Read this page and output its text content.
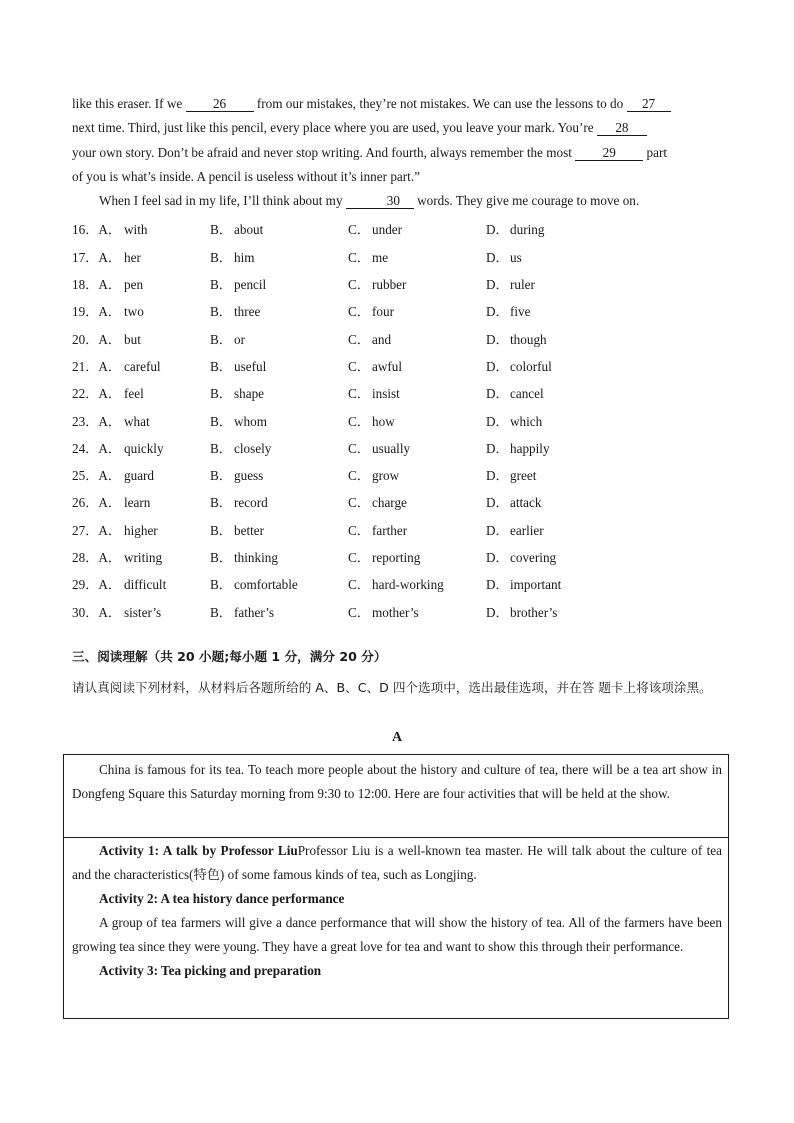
like this eraser. If we 26 from our mistakes, they’re not mistakes. We can use the lessons to do 27

next time. Third, just like this pencil, every place where you are used, you leave your mark. You’re 28

your own story. Don’t be afraid and never stop writing. And fourth, always remember the most 29 part

of you is what’s inside. A pencil is useless without it’s inner part.”

When I feel sad in my life, I’ll think about my	30 words. They give me courage to move on.

16．A． with	B． about	C． under	D． during
17．A． her	B． him	C． me	D． us
18．A． pen	B． pencil	C． rubber	D． ruler
19．A． two	B． three	C． four	D． five
20．A． but	B． or	C． and	D． though
21．A． careful	B． useful	C． awful	D． colorful
22．A． feel	B． shape	C． insist	D． cancel
23．A． what	B． whom	C． how	D． which
24．A． quickly	B． closely	C． usually	D． happily
25．A． guard	B． guess	C． grow	D． greet
26．A． learn	B． record	C． charge	D． attack
27．A． higher	B． better	C． farther	D． earlier
28．A． writing	B． thinking	C． reporting	D． covering
29．A． difficult	B． comfortable	C． hard-working	D． important
30．A． sister’s	B． father’s	C． mother’s	D． brother’s
三、阅读理解（共 20 小题;每小题 1 分，满分 20 分）

请认真阅读下列材料，从材料后各题所给的 A、B、C、D 四个选项中，选出最佳选项，并在答 题卡上将该项涂黑。

A

China is famous for its tea. To teach more people about the history and culture of tea, there will be a tea art show in Dongfeng Square this Saturday morning from 9:30 to 12:00. Here are four activities that will be held at the show.

Activity 1: A talk by Professor LiuProfessor Liu is a well-known tea master. He will talk about the culture of tea and the characteristics(特色) of some famous kinds of tea, such as Longjing.

Activity 2: A tea history dance performance

A group of tea farmers will give a dance performance that will show the history of tea. All of the farmers have been growing tea since they were young. They have a great love for tea and want to show this through their performance.

Activity 3: Tea picking and preparation
